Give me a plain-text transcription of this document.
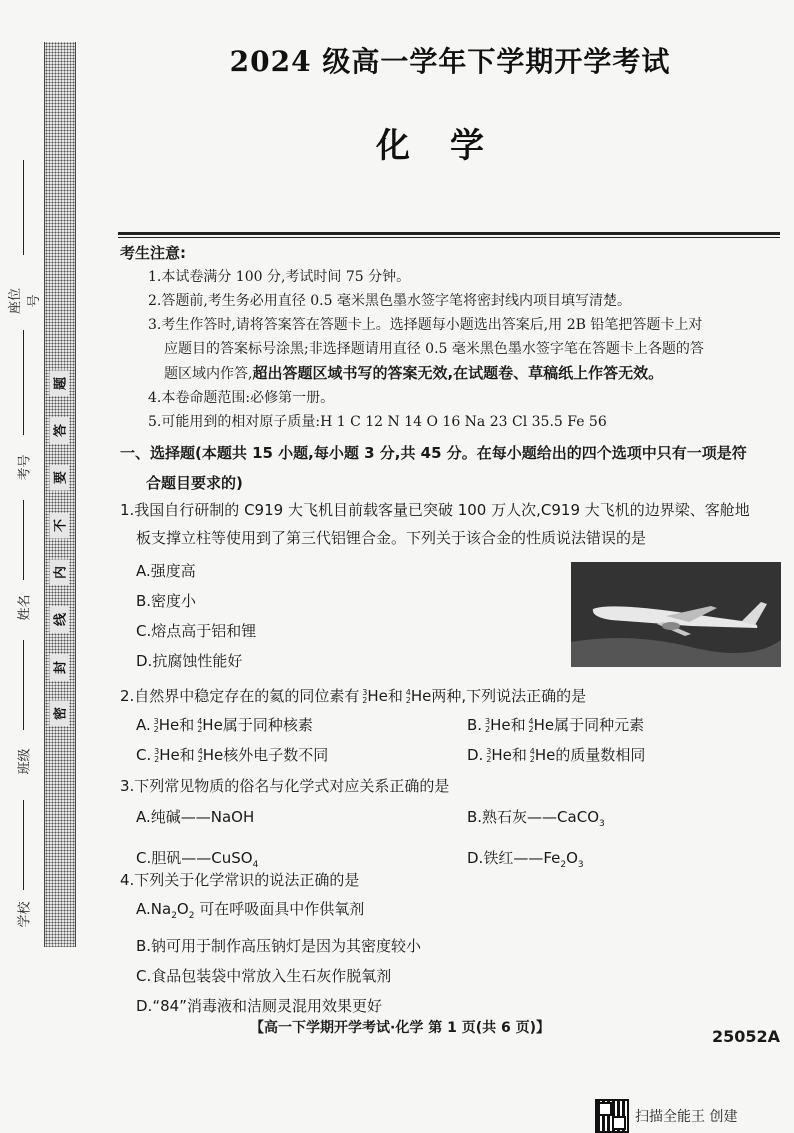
密
封
线
内
不
要
答
题
座位号
考号
姓名
班级
学校
2024 级高一学年下学期开学考试
化学
考生注意:
1.本试卷满分 100 分,考试时间 75 分钟。
2.答题前,考生务必用直径 0.5 毫米黑色墨水签字笔将密封线内项目填写清楚。
3.考生作答时,请将答案答在答题卡上。选择题每小题选出答案后,用 2B 铅笔把答题卡上对
应题目的答案标号涂黑;非选择题请用直径 0.5 毫米黑色墨水签字笔在答题卡上各题的答
题区域内作答,超出答题区域书写的答案无效,在试题卷、草稿纸上作答无效。
4.本卷命题范围:必修第一册。
5.可能用到的相对原子质量:H 1 C 12 N 14 O 16 Na 23 Cl 35.5 Fe 56
一、选择题(本题共 15 小题,每小题 3 分,共 45 分。在每小题给出的四个选项中只有一项是符
合题目要求的)
1.我国自行研制的 C919 大飞机目前载客量已突破 100 万人次,C919 大飞机的边界梁、客舱地
板支撑立柱等使用到了第三代铝锂合金。下列关于该合金的性质说法错误的是
A.强度高
B.密度小
C.熔点高于铝和锂
D.抗腐蚀性能好
2.自然界中稳定存在的氦的同位素有 3
2He和 4
2He两种,下列说法正确的是
A. 3
2He和 4
2He属于同种核素	B. 3
2He和 4
2He属于同种元素
C. 3
2He和 4
2He核外电子数不同	D. 3
2He和 4
2He的质量数相同
3.下列常见物质的俗名与化学式对应关系正确的是
A.纯碱——NaOH	B.熟石灰——CaCO$_3$
C.胆矾——CuSO$_4$	D.铁红$——Fe_2O_3$
4.下列关于化学常识的说法正确的是
$A.Na_2O_2$ 可在呼吸面具中作供氧剂
B.钠可用于制作高压钠灯是因为其密度较小
C.食品包装袋中常放入生石灰作脱氧剂
D.“84”消毒液和洁厕灵混用效果更好
【高一下学期开学考试·化学 第 1 页(共 6 页)】	25052A
扫描全能王 创建
